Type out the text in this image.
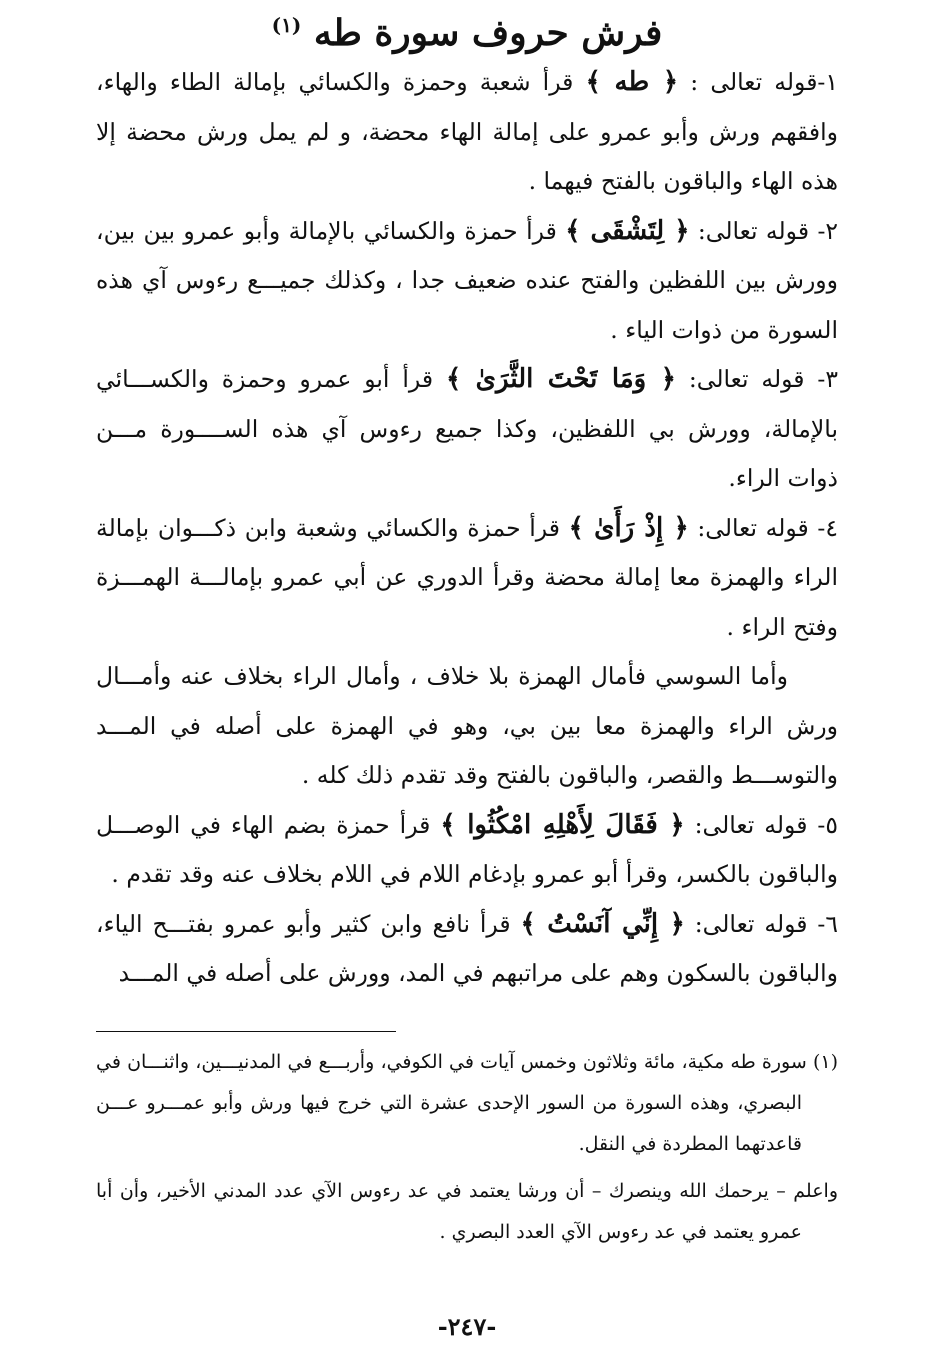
فرش حروف سورة طه $^{(١)}$

١-قوله تعالى : ﴿ طه ﴾ قرأ شعبة وحمزة والكسائي بإمالة الطاء والهاء، وافقهم ورش وأبو عمرو على إمالة الهاء محضة، و لم يمل ورش محضة إلا هذه الهاء والباقون بالفتح فيهما .

٢- قوله تعالى: ﴿ لِتَشْقَى ﴾ قرأ حمزة والكسائي بالإمالة وأبو عمرو بين بين، وورش بين اللفظين والفتح عنده ضعيف جدا ، وكذلك جميـــع رءوس آي هذه السورة من ذوات الياء .

٣- قوله تعالى: ﴿ وَمَا تَحْتَ الثَّرَىٰ ﴾ قرأ أبو عمرو وحمزة والكســـائي بالإمالة، وورش بي اللفظين، وكذا جميع رءوس آي هذه الســــورة مـــن ذوات الراء.

٤- قوله تعالى: ﴿ إِذْ رَأَىٰ ﴾ قرأ حمزة والكسائي وشعبة وابن ذكـــوان بإمالة الراء والهمزة معا إمالة محضة وقرأ الدوري عن أبي عمرو بإمالـــة الهمـــزة وفتح الراء .

وأما السوسي فأمال الهمزة بلا خلاف ، وأمال الراء بخلاف عنه وأمـــال ورش الراء والهمزة معا بين بي، وهو في الهمزة على أصله في المـــد والتوســـط والقصر، والباقون بالفتح وقد تقدم ذلك كله .

٥- قوله تعالى: ﴿ فَقَالَ لِأَهْلِهِ امْكُثُوا ﴾ قرأ حمزة بضم الهاء في الوصـــل والباقون بالكسر، وقرأ أبو عمرو بإدغام اللام في اللام بخلاف عنه وقد تقدم .

٦- قوله تعالى: ﴿ إِنِّي آنَسْتُ ﴾ قرأ نافع وابن كثير وأبو عمرو بفتـــح الياء، والباقون بالسكون وهم على مراتبهم في المد، وورش على أصله في المـــد

(١) سورة طه مكية، مائة وثلاثون وخمس آيات في الكوفي، وأربـــع في المدنيـــين، واثنـــان في البصري، وهذه السورة من السور الإحدى عشرة التي خرج فيها ورش وأبو عمـــرو عـــن قاعدتهما المطردة في النقل.

واعلم – يرحمك الله وينصرك – أن ورشا يعتمد في عد رءوس الآي عدد المدني الأخير، وأن أبا عمرو يعتمد في عد رءوس الآي العدد البصري .

-٢٤٧-
